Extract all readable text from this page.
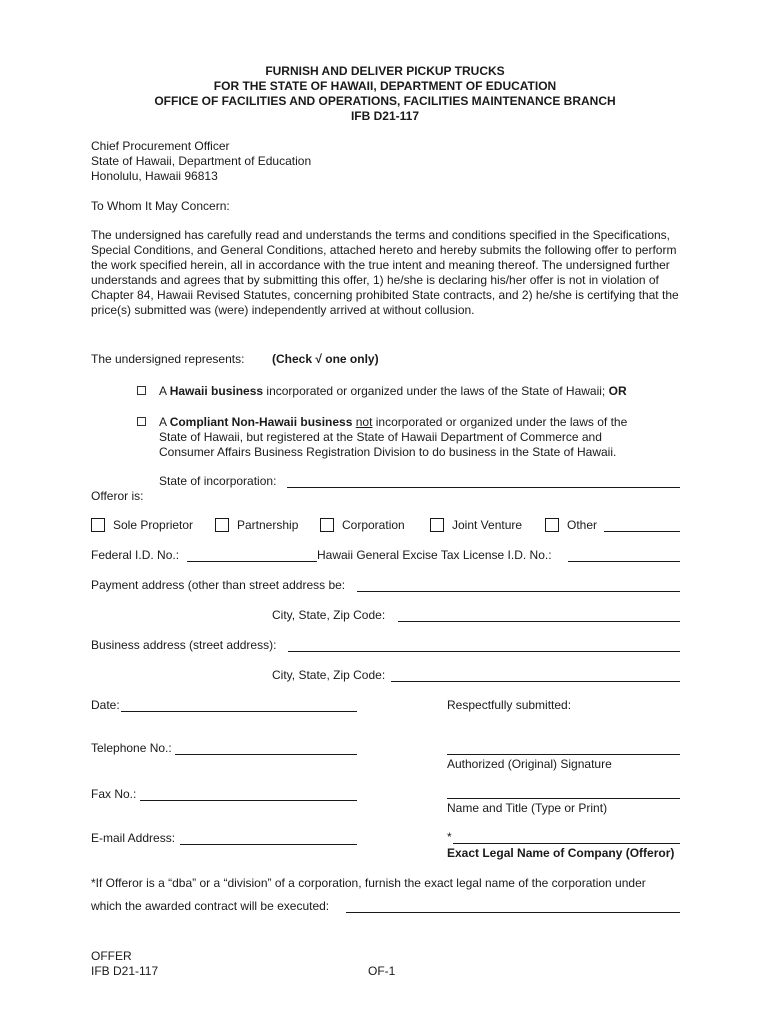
FURNISH AND DELIVER PICKUP TRUCKS
FOR THE STATE OF HAWAII, DEPARTMENT OF EDUCATION
OFFICE OF FACILITIES AND OPERATIONS, FACILITIES MAINTENANCE BRANCH
IFB D21-117
Chief Procurement Officer
State of Hawaii, Department of Education
Honolulu, Hawaii 96813
To Whom It May Concern:
The undersigned has carefully read and understands the terms and conditions specified in the Specifications, Special Conditions, and General Conditions, attached hereto and hereby submits the following offer to perform the work specified herein, all in accordance with the true intent and meaning thereof. The undersigned further understands and agrees that by submitting this offer, 1) he/she is declaring his/her offer is not in violation of Chapter 84, Hawaii Revised Statutes, concerning prohibited State contracts, and 2) he/she is certifying that the price(s) submitted was (were) independently arrived at without collusion.
The undersigned represents: (Check √ one only)
A Hawaii business incorporated or organized under the laws of the State of Hawaii; OR
A Compliant Non-Hawaii business not incorporated or organized under the laws of the
State of Hawaii, but registered at the State of Hawaii Department of Commerce and
Consumer Affairs Business Registration Division to do business in the State of Hawaii.
State of incorporation:
Offeror is:
Sole Proprietor	Partnership	Corporation	Joint Venture	Other
Federal I.D. No.:	Hawaii General Excise Tax License I.D. No.:
Payment address (other than street address be:
City, State, Zip Code:
Business address (street address):
City, State, Zip Code:
Date:
Telephone No.:
Fax No.:
E-mail Address:
Respectfully submitted:
Authorized (Original) Signature
Name and Title (Type or Print)
*
Exact Legal Name of Company (Offeror)
*If Offeror is a “dba” or a “division” of a corporation, furnish the exact legal name of the corporation under
which the awarded contract will be executed:
OFFER
IFB D21-117	OF-1
